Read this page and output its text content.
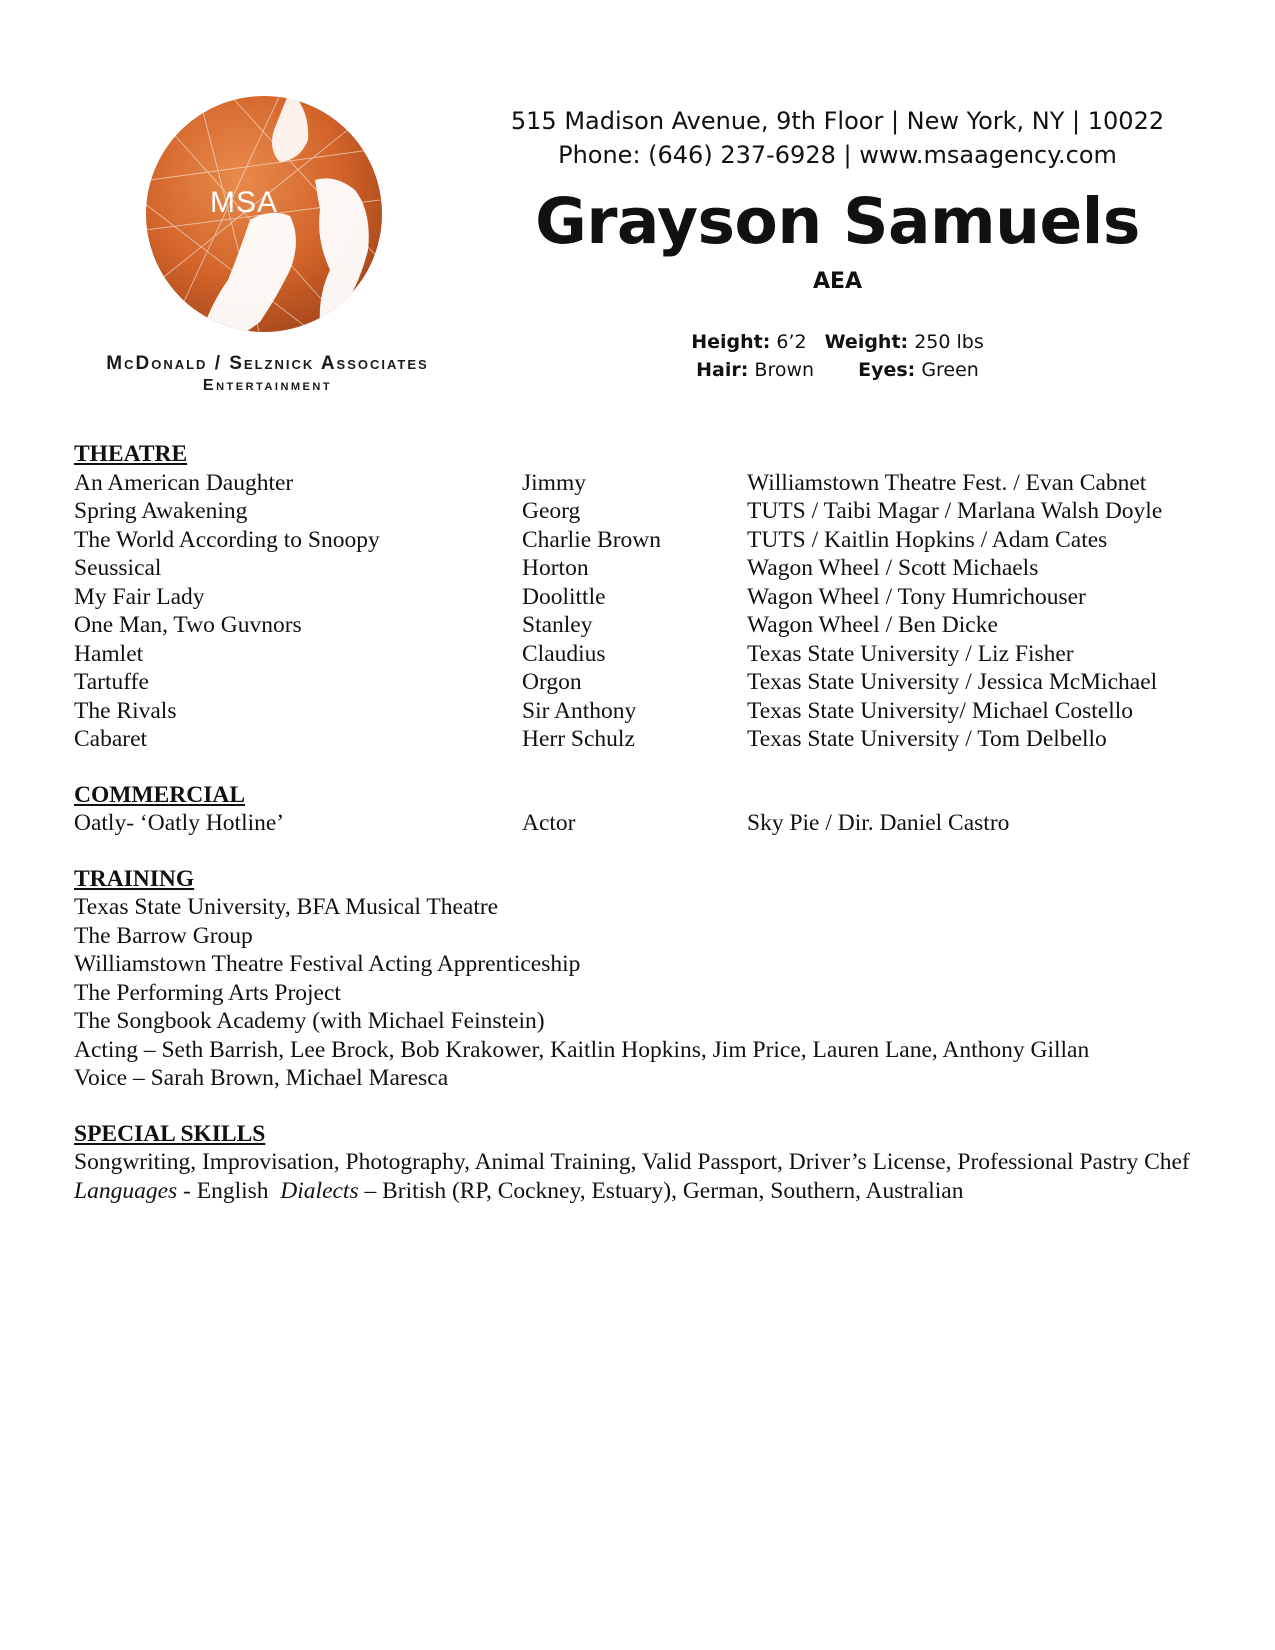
MSA
McDonald / Selznick Associates
Entertainment
515 Madison Avenue, 9th Floor | New York, NY | 10022
Phone: (646) 237-6928 | www.msaagency.com
Grayson Samuels
AEA
Height: 6’2 Weight: 250 lbs
Hair: Brown Eyes: Green

THEATRE

An American Daughter	Jimmy	Williamstown Theatre Fest. / Evan Cabnet
Spring Awakening	Georg	TUTS / Taibi Magar / Marlana Walsh Doyle
The World According to Snoopy	Charlie Brown	TUTS / Kaitlin Hopkins / Adam Cates
Seussical	Horton	Wagon Wheel / Scott Michaels
My Fair Lady	Doolittle	Wagon Wheel / Tony Humrichouser
One Man, Two Guvnors	Stanley	Wagon Wheel / Ben Dicke
Hamlet	Claudius	Texas State University / Liz Fisher
Tartuffe	Orgon	Texas State University / Jessica McMichael
The Rivals	Sir Anthony	Texas State University/ Michael Costello
Cabaret	Herr Schulz	Texas State University / Tom Delbello

COMMERCIAL

Oatly- ‘Oatly Hotline’	Actor	Sky Pie / Dir. Daniel Castro

TRAINING

Texas State University, BFA Musical Theatre

The Barrow Group

Williamstown Theatre Festival Acting Apprenticeship

The Performing Arts Project

The Songbook Academy (with Michael Feinstein)

Acting – Seth Barrish, Lee Brock, Bob Krakower, Kaitlin Hopkins, Jim Price, Lauren Lane, Anthony Gillan

Voice – Sarah Brown, Michael Maresca

SPECIAL SKILLS

Songwriting, Improvisation, Photography, Animal Training, Valid Passport, Driver’s License, Professional Pastry Chef

Languages - English  Dialects – British (RP, Cockney, Estuary), German, Southern, Australian
